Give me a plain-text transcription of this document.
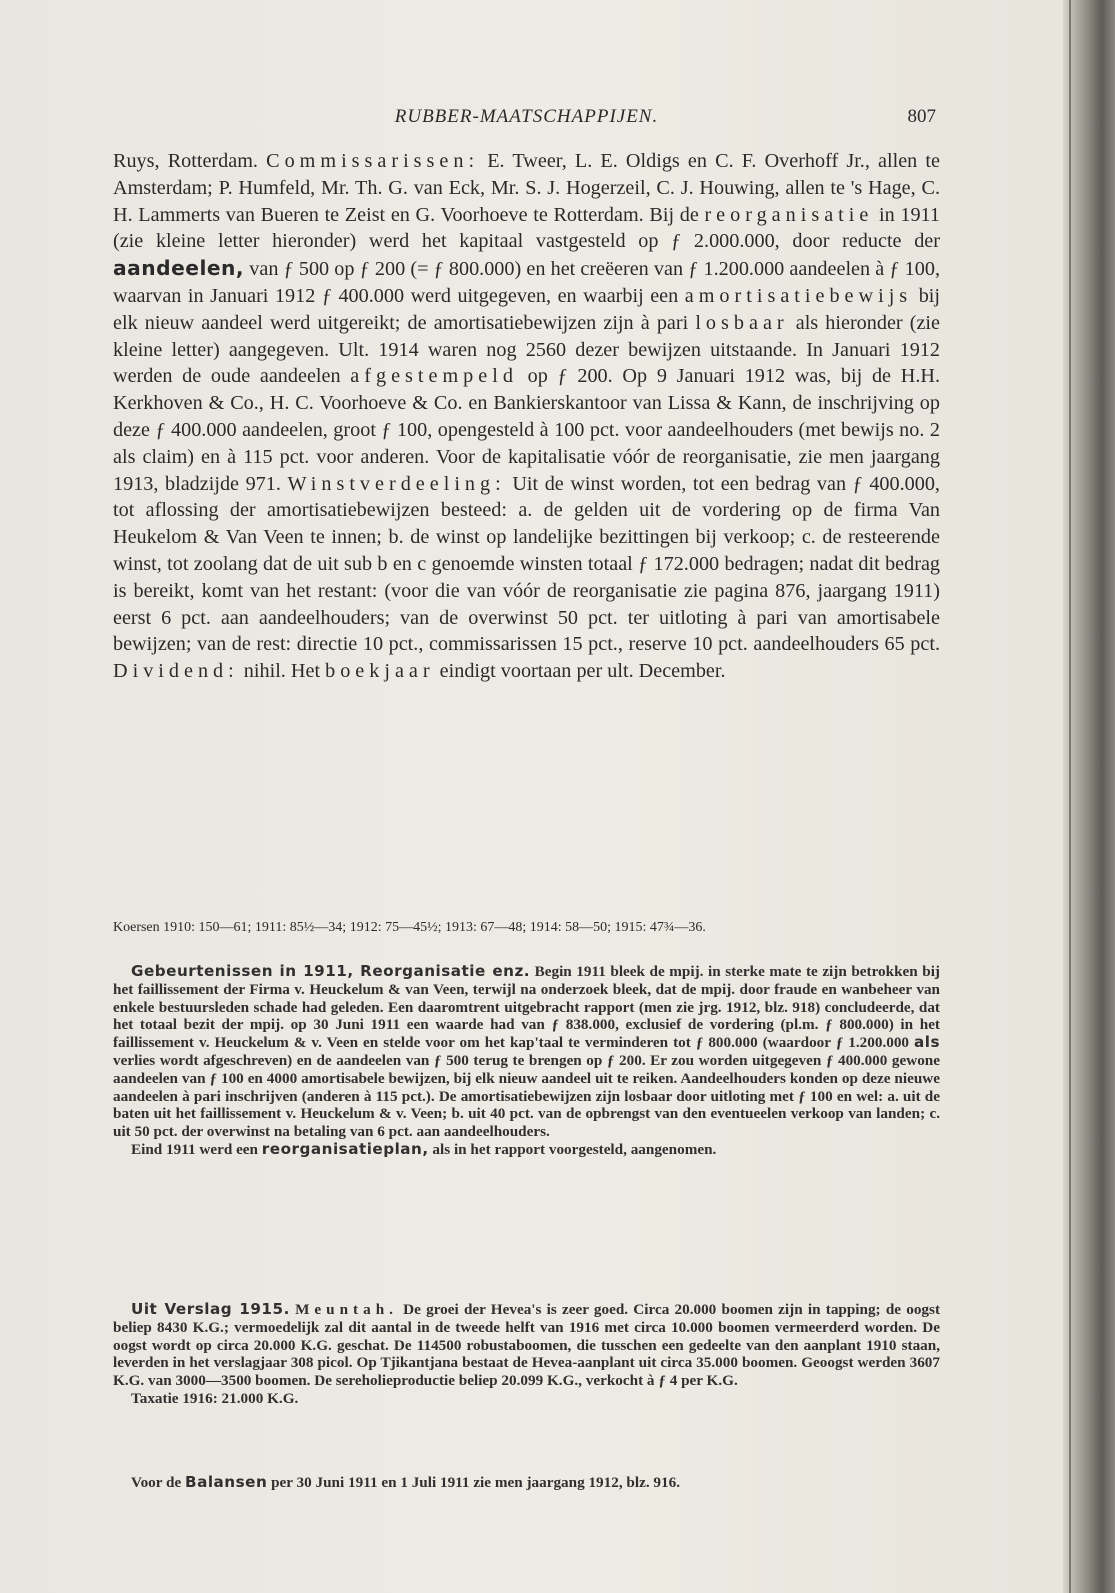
RUBBER-MAATSCHAPPIJEN.	807

Ruys, Rotterdam. Commissarissen: E. Tweer, L. E. Oldigs en C. F. Overhoff Jr., allen te Amsterdam; P. Humfeld, Mr. Th. G. van Eck, Mr. S. J. Hogerzeil, C. J. Houwing, allen te 's Hage, C. H. Lammerts van Bueren te Zeist en G. Voorhoeve te Rotterdam. Bij de reorganisatie in 1911 (zie kleine letter hieronder) werd het kapitaal vastgesteld op ƒ 2.000.000, door reducte der aandeelen, van ƒ 500 op ƒ 200 (= ƒ 800.000) en het creëeren van ƒ 1.200.000 aandeelen à ƒ 100, waarvan in Januari 1912 ƒ 400.000 werd uitgegeven, en waarbij een amortisatiebewijs bij elk nieuw aandeel werd uitgereikt; de amortisatiebewijzen zijn à pari losbaar als hieronder (zie kleine letter) aangegeven. Ult. 1914 waren nog 2560 dezer bewijzen uitstaande. In Januari 1912 werden de oude aandeelen afgestempeld op ƒ 200. Op 9 Januari 1912 was, bij de H.H. Kerkhoven & Co., H. C. Voorhoeve & Co. en Bankierskantoor van Lissa & Kann, de inschrijving op deze ƒ 400.000 aandeelen, groot ƒ 100, opengesteld à 100 pct. voor aandeelhouders (met bewijs no. 2 als claim) en à 115 pct. voor anderen. Voor de kapitalisatie vóór de reorganisatie, zie men jaargang 1913, bladzijde 971. Winstverdeeling: Uit de winst worden, tot een bedrag van ƒ 400.000, tot aflossing der amortisatiebewijzen besteed: a. de gelden uit de vordering op de firma Van Heukelom & Van Veen te innen; b. de winst op landelijke bezittingen bij verkoop; c. de resteerende winst, tot zoolang dat de uit sub b en c genoemde winsten totaal ƒ 172.000 bedragen; nadat dit bedrag is bereikt, komt van het restant: (voor die van vóór de reorganisatie zie pagina 876, jaargang 1911) eerst 6 pct. aan aandeelhouders; van de overwinst 50 pct. ter uitloting à pari van amortisabele bewijzen; van de rest: directie 10 pct., commissarissen 15 pct., reserve 10 pct. aandeelhouders 65 pct. Dividend: nihil. Het boekjaar eindigt voortaan per ult. December.

Koersen 1910: 150—61; 1911: 85½—34; 1912: 75—45½; 1913: 67—48; 1914: 58—50; 1915: 47¾—36.

Gebeurtenissen in 1911, Reorganisatie enz. Begin 1911 bleek de mpij. in sterke mate te zijn betrokken bij het faillissement der Firma v. Heuckelum & van Veen, terwijl na onderzoek bleek, dat de mpij. door fraude en wanbeheer van enkele bestuursleden schade had geleden. Een daaromtrent uitgebracht rapport (men zie jrg. 1912, blz. 918) concludeerde, dat het totaal bezit der mpij. op 30 Juni 1911 een waarde had van ƒ 838.000, exclusief de vordering (pl.m. ƒ 800.000) in het faillissement v. Heuckelum & v. Veen en stelde voor om het kap'taal te verminderen tot ƒ 800.000 (waardoor ƒ 1.200.000 als verlies wordt afgeschreven) en de aandeelen van ƒ 500 terug te brengen op ƒ 200. Er zou worden uitgegeven ƒ 400.000 gewone aandeelen van ƒ 100 en 4000 amortisabele bewijzen, bij elk nieuw aandeel uit te reiken. Aandeelhouders konden op deze nieuwe aandeelen à pari inschrijven (anderen à 115 pct.). De amortisatiebewijzen zijn losbaar door uitloting met ƒ 100 en wel: a. uit de baten uit het faillissement v. Heuckelum & v. Veen; b. uit 40 pct. van de opbrengst van den eventueelen verkoop van landen; c. uit 50 pct. der overwinst na betaling van 6 pct. aan aandeelhouders.

Eind 1911 werd een reorganisatieplan, als in het rapport voorgesteld, aangenomen.

Uit Verslag 1915. Meuntah. De groei der Hevea's is zeer goed. Circa 20.000 boomen zijn in tapping; de oogst beliep 8430 K.G.; vermoedelijk zal dit aantal in de tweede helft van 1916 met circa 10.000 boomen vermeerderd worden. De oogst wordt op circa 20.000 K.G. geschat. De 114500 robustaboomen, die tusschen een gedeelte van den aanplant 1910 staan, leverden in het verslagjaar 308 picol. Op Tjikantjana bestaat de Hevea-aanplant uit circa 35.000 boomen. Geoogst werden 3607 K.G. van 3000—3500 boomen. De sereholieproductie beliep 20.099 K.G., verkocht à ƒ 4 per K.G.

Taxatie 1916: 21.000 K.G.

Voor de Balansen per 30 Juni 1911 en 1 Juli 1911 zie men jaargang 1912, blz. 916.
